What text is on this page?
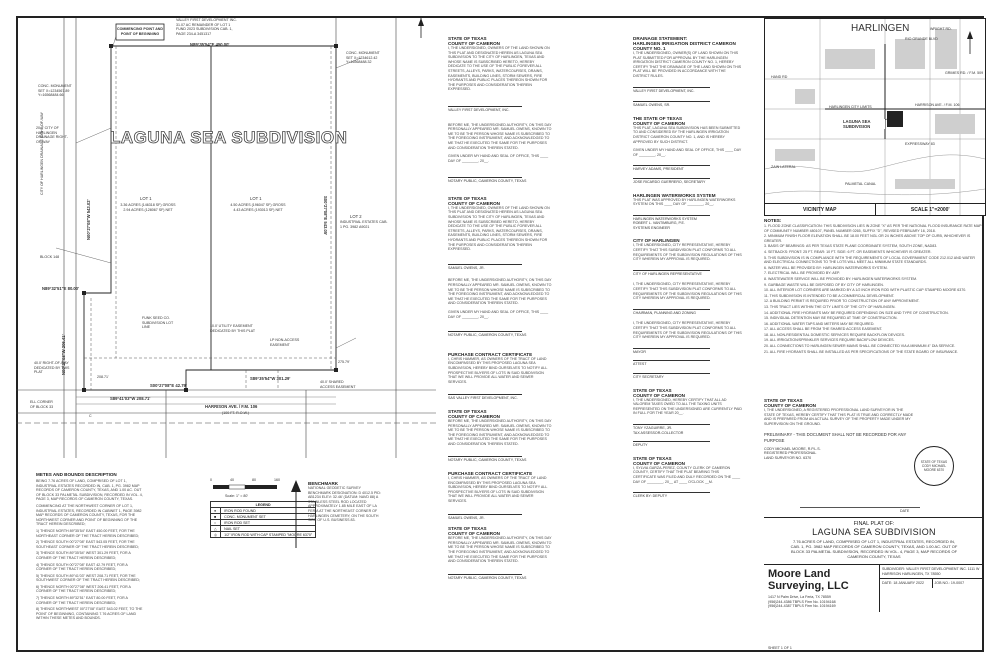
COMMENCING POINT AND POINT OF BEGINNING
VALLEY FIRST DEVELOPMENT INC. 31.07 AC REMAINDER OF LOT 1 FUND 2023 SUBDIVISION CAB. 1, PAGE 234-A 3451317
N89°35'54"E 450.00'
N00°27'08"W 543.02'	S00°27'08"E 543.05'
N89°32'51"E 80.00'
N00°27'08"W 206.41'
S00°27'08"E 42.79'
S89°35'54"W 301.29'
S89°41'03"W 208.71'
HARRISON AVE. / F.M. 106
(100 FT. R.O.W.)
C
LAGUNA SEA SUBDIVISION
LOT 1
3.36 ACRES (146318 SF) GROSS 2.94 ACRES (128067 SF) NET
LOT 1
4.50 ACRES (196047 SF) GROSS 4.43 ACRES (193013 SF) NET
LOT 2
INDUSTRIAL ESTATES CAB. 1 PG. 3982 A9021
BLOCK 148
20.0' CITY OF HARLINGEN DRAINAGE RIGHT-OF-WAY
CITY OF HARLINGEN DRAINAGE RIGHT-OF-WAY
10.0' UTILITY EASEMENT DEDICATED BY THIS PLAT
40.0' RIGHT-OF-WAY DEDICATED BY THIS PLAT
LP NON-ACCESS EASEMENT
40.0' SHARED ACCESS EASEMENT
ELL CORNER OF BLOCK 33
FUNK SEED CO. SUBDIVISION LOT LINE
CONC. MONUMENT SET X=1234567.89 Y=16568484.66
CONC. MONUMENT SET X=1234612.42 Y=16568488.32
208.71'
275.79'
METES AND BOUNDS DESCRIPTION
BEING 7.76 ACRES OF LAND, COMPRISED OF LOT 1, INDUSTRIAL ESTATES RECORDED IN, CAB. 1, PG. 3982 MAP RECORDS OF CAMERON COUNTY, TEXAS, AND 1.00 AC. OUT OF BLOCK 33 PALMETAL SUBDIVISION, RECORDED IN VOL. 4, PAGE 3, MAP RECORDS OF CAMERON COUNTY, TEXAS.
COMMENCING AT THE NORTHWEST CORNER OF LOT 1, INDUSTRIAL ESTATES, RECORDED IN CABINET 1, PAGE 3982 MAP RECORDS OF CAMERON COUNTY, TEXAS, FOR THE NORTHWEST CORNER AND POINT OF BEGINNING OF THE TRACT HEREIN DESCRIBED;
1) THENCE NORTH 89°35'54" EAST 450.00 FEET, FOR THE NORTHEAST CORNER OF THE TRACT HEREIN DESCRIBED;
2) THENCE SOUTH 00°27'08" EAST 543.05 FEET, FOR THE SOUTHEAST CORNER OF THE TRACT HEREIN DESCRIBED;
3) THENCE SOUTH 89°35'54" WEST 301.29 FEET, FOR A CORNER OF THE TRACT HEREIN DESCRIBED;
4) THENCE SOUTH 00°27'08" EAST 42.79 FEET, FOR A CORNER OF THE TRACT HEREIN DESCRIBED;
5) THENCE SOUTH 89°41'03" WEST 208.71 FEET, FOR THE SOUTHWEST CORNER OF THE TRACT HEREIN DESCRIBED;
6) THENCE NORTH 00°27'08" WEST 206.41 FEET, FOR A CORNER OF THE TRACT HEREIN DESCRIBED;
7) THENCE NORTH 89°32'51" EAST 80.00 FEET, FOR A CORNER OF THE TRACT HEREIN DESCRIBED;
8) THENCE NORTHWEST 00°27'08" EAST 543.02 FEET, TO THE POINT OF BEGINNING, CONTAINING 7.76 ACRES OF LAND WITHIN THESE METES AND BOUNDS.
0	40	80	160
Scale: 1" = 80'
LEGEND	
●	IRON ROD FOUND
■	CONC. MONUMENT SET
○	IRON ROD SET
△	NAIL SET
◎	1/2" IRON ROD WITH CAP STAMPED "MOORE 6370"
BENCHMARK
NATIONAL GEODETIC SURVEY BENCHMARK DESIGNATION: D 4012.5 PID: AB1234 ELEV: 32.46' (DATUM: NAVD 88) A STAINLESS STEEL ROD LOCATED APPROXIMATELY 1.85 MILE EAST OF LA FERIA AT THE NORTHEAST CORNER OF HARLINGEN CEMETERY, ON THE SOUTH SIDE OF U.S. BUSINESS 83.
STATE OF TEXAS
COUNTY OF CAMERON
I, THE UNDERSIGNED, OWNERS OF THE LAND SHOWN ON THIS PLAT AND DESIGNATED HEREIN AS LAGUNA SEA SUBDIVISION TO THE CITY OF HARLINGEN, TEXAS AND WHOSE NAME IS SUBSCRIBED HERETO, HEREBY DEDICATE TO THE USE OF THE PUBLIC FOREVER ALL STREETS, ALLEYS, PARKS, WATERCOURSES, DRAINS, EASEMENTS, BUILDING LINES, STORM SEWERS, FIRE HYDRANTS AND PUBLIC PLACES THEREON SHOWN FOR THE PURPOSES AND CONSIDERATION THEREIN EXPRESSED.
VALLEY FIRST DEVELOPMENT, INC.
BEFORE ME, THE UNDERSIGNED AUTHORITY, ON THIS DAY PERSONALLY APPEARED MR. SAMUEL OWENS, KNOWN TO ME TO BE THE PERSON WHOSE NAME IS SUBSCRIBED TO THE FOREGOING INSTRUMENT, AND ACKNOWLEDGED TO ME THAT HE EXECUTED THE SAME FOR THE PURPOSES AND CONSIDERATION THEREIN STATED.
GIVEN UNDER MY HAND AND SEAL OF OFFICE, THIS ____ DAY OF ________, 20__.
NOTARY PUBLIC, CAMERON COUNTY, TEXAS
STATE OF TEXAS
COUNTY OF CAMERON
I, THE UNDERSIGNED, OWNERS OF THE LAND SHOWN ON THIS PLAT AND DESIGNATED HEREIN AS LAGUNA SEA SUBDIVISION TO THE CITY OF HARLINGEN, TEXAS AND WHOSE NAME IS SUBSCRIBED HERETO, HEREBY DEDICATE TO THE USE OF THE PUBLIC FOREVER ALL STREETS, ALLEYS, PARKS, WATERCOURSES, DRAINS, EASEMENTS, BUILDING LINES, STORM SEWERS, FIRE HYDRANTS AND PUBLIC PLACES THEREON SHOWN FOR THE PURPOSES AND CONSIDERATION THEREIN EXPRESSED.
SAMUEL OWENS, JR.
BEFORE ME, THE UNDERSIGNED AUTHORITY, ON THIS DAY PERSONALLY APPEARED MR. SAMUEL OWENS, KNOWN TO ME TO BE THE PERSON WHOSE NAME IS SUBSCRIBED TO THE FOREGOING INSTRUMENT, AND ACKNOWLEDGED TO ME THAT HE EXECUTED THE SAME FOR THE PURPOSES AND CONSIDERATION THEREIN STATED.
GIVEN UNDER MY HAND AND SEAL OF OFFICE, THIS ____ DAY OF ________, 20__.
NOTARY PUBLIC, CAMERON COUNTY, TEXAS
PURCHASE CONTRACT CERTIFICATE
I, CHRIS HAMMER, AS OWNERS OF THE TRACT OF LAND ENCOMPASSED BY THIS PROPOSED LAGUNA SEA SUBDIVISION, HEREBY BIND OURSELVES TO NOTIFY ALL PROSPECTIVE BUYERS OF LOTS IN SAID SUBDIVISION THAT WE WILL PROVIDE ALL WATER AND SEWER SERVICES.
SAS VALLEY FIRST DEVELOPMENT, INC.
STATE OF TEXAS
COUNTY OF CAMERON
BEFORE ME, THE UNDERSIGNED AUTHORITY, ON THIS DAY PERSONALLY APPEARED MR. SAMUEL OWENS, KNOWN TO ME TO BE THE PERSON WHOSE NAME IS SUBSCRIBED TO THE FOREGOING INSTRUMENT, AND ACKNOWLEDGED TO ME THAT HE EXECUTED THE SAME FOR THE PURPOSES AND CONSIDERATION THEREIN STATED.
NOTARY PUBLIC, CAMERON COUNTY, TEXAS
PURCHASE CONTRACT CERTIFICATE
I, CHRIS HAMMER, AS OWNERS OF THE TRACT OF LAND ENCOMPASSED BY THIS PROPOSED LAGUNA SEA SUBDIVISION, HEREBY BIND OURSELVES TO NOTIFY ALL PROSPECTIVE BUYERS OF LOTS IN SAID SUBDIVISION THAT WE WILL PROVIDE ALL WATER AND SEWER SERVICES.
SAMUEL OWENS, JR.
STATE OF TEXAS
COUNTY OF CAMERON
BEFORE ME, THE UNDERSIGNED AUTHORITY, ON THIS DAY PERSONALLY APPEARED MR. SAMUEL OWENS, KNOWN TO ME TO BE THE PERSON WHOSE NAME IS SUBSCRIBED TO THE FOREGOING INSTRUMENT, AND ACKNOWLEDGED TO ME THAT HE EXECUTED THE SAME FOR THE PURPOSES AND CONSIDERATION THEREIN STATED.
NOTARY PUBLIC, CAMERON COUNTY, TEXAS
DRAINAGE STATEMENT:
HARLINGEN IRRIGATION DISTRICT CAMERON COUNTY NO. 1
I, THE UNDERSIGNED, OWNER(S) OF LAND SHOWN ON THIS PLAT SUBMITTED FOR APPROVAL BY THE HARLINGEN IRRIGATION DISTRICT CAMERON COUNTY NO. 1, HEREBY CERTIFY THAT THE DRAINAGE OF THE LAND SHOWN ON THIS PLAT WILL BE PROVIDED IN ACCORDANCE WITH THE DISTRICT RULES.
VALLEY FIRST DEVELOPMENT, INC.
SAMUEL OWENS, SR.
THE STATE OF TEXAS
COUNTY OF CAMERON
THIS PLAT, LAGUNA SEA SUBDIVISION HAS BEEN SUBMITTED TO AND CONSIDERED BY THE HARLINGEN IRRIGATION DISTRICT CAMERON COUNTY NO. 1, AND IS HEREBY APPROVED BY SUCH DISTRICT.
GIVEN UNDER MY HAND AND SEAL OF OFFICE, THIS ____ DAY OF ________, 20__.
HARVEY ADAMS, PRESIDENT
JOSE RICARDO GUERRERO, SECRETARY
HARLINGEN WATERWORKS SYSTEM
THIS PLAT WAS APPROVED BY HARLINGEN WATERWORKS SYSTEM ON THIS ____ DAY OF ________, 20__.
HARLINGEN WATERWORKS SYSTEM
ROBERT L. VANTIMBURG, P.E.
SYSTEMS ENGINEER
CITY OF HARLINGEN
I, THE UNDERSIGNED, CITY REPRESENTATIVE, HEREBY CERTIFY THAT THIS SUBDIVISION PLAT CONFORMS TO ALL REQUIREMENTS OF THE SUBDIVISION REGULATIONS OF THIS CITY WHEREIN MY APPROVAL IS REQUIRED.
CITY OF HARLINGEN REPRESENTATIVE
I, THE UNDERSIGNED, CITY REPRESENTATIVE, HEREBY CERTIFY THAT THIS SUBDIVISION PLAT CONFORMS TO ALL REQUIREMENTS OF THE SUBDIVISION REGULATIONS OF THIS CITY WHEREIN MY APPROVAL IS REQUIRED.
CHAIRMAN, PLANNING AND ZONING
I, THE UNDERSIGNED, CITY REPRESENTATIVE, HEREBY CERTIFY THAT THIS SUBDIVISION PLAT CONFORMS TO ALL REQUIREMENTS OF THE SUBDIVISION REGULATIONS OF THIS CITY WHEREIN MY APPROVAL IS REQUIRED.
MAYOR
ATTEST
CITY SECRETARY
STATE OF TEXAS
COUNTY OF CAMERON
I, THE UNDERSIGNED, HEREBY CERTIFY THAT ALL AD VALOREM TAXES OWED TO ALL THE TAXING UNITS REPRESENTED ON THE UNDERSIGNED ARE CURRENTLY PAID IN FULL FOR THE YEAR 20__.
TONY YZAGUIRRE, JR.
TAX ASSESSOR-COLLECTOR
DEPUTY
STATE OF TEXAS
COUNTY OF CAMERON
I, SYLVIA GARZA-PEREZ, COUNTY CLERK OF CAMERON COUNTY, CERTIFY THAT THE PLAT BEARING THIS CERTIFICATE WAS FILED AND DULY RECORDED ON THE ____ DAY OF ________, 20__ AT ____ O'CLOCK __M.
CLERK BY: DEPUTY
HARLINGEN
LAGUNA SEA SUBDIVISION
HARLINGEN CITY LIMITS
RIO GRANDE BLVD
WRIGHT RD.
HARRISON AVE. / F.M. 106
EXPRESSWAY 83
ZAIN LATERAL
GRIMES RD. / F.M. 509
HAND RD
PALMETAL CANAL
VICINITY MAP	SCALE 1"=2000'
NOTES:
1. FLOOD ZONE CLASSIFICATION: THIS SUBDIVISION LIES IN ZONE "X" AS PER THE NATIONAL FLOOD INSURANCE RATE MAP OF COMMUNITY NUMBER 480107, PANEL NUMBER 0265, SUFFIX "D", REVISED FEBRUARY 16, 2018.
2. MINIMUM FINISH FLOOR ELEVATION SHALL BE 18.00 FEET NGL OR 24 INCHES ABOVE TOP OF CURB, WHICHEVER IS GREATER.
3. BASIS OF BEARINGS: AS PER TEXAS STATE PLANE COORDINATE SYSTEM, SOUTH ZONE, NAD83.
4. SETBACKS: FRONT: 25 FT. REAR: 10 FT. SIDE: 6 FT. OR EASEMENTS WHICHEVER IS GREATER.
5. THIS SUBDIVISION IS IN COMPLIANCE WITH THE REQUIREMENTS OF LOCAL GOVERNMENT CODE 212.012 AND WATER AND ELECTRICAL CONNECTIONS TO THE LOTS WILL MEET ALL MINIMUM STATE STANDARDS.
6. WATER WILL BE PROVIDED BY: HARLINGEN WATERWORKS SYSTEM.
7. ELECTRICAL WILL BE PROVIDED BY: AEP.
8. WASTEWATER SERVICE WILL BE PROVIDED BY: HARLINGEN WATERWORKS SYSTEM.
9. GARBAGE WASTE WILL BE DISPOSED OF BY CITY OF HARLINGEN.
10. ALL INTERIOR LOT CORNERS ARE MARKED BY A 1/2 INCH IRON ROD WITH PLASTIC CAP STAMPED MOORE 6370.
11. THIS SUBDIVISION IS INTENDED TO BE A COMMERCIAL DEVELOPMENT.
12. A BUILDING PERMIT IS REQUIRED PRIOR TO CONSTRUCTION OF ANY IMPROVEMENT.
13. THIS TRACT LIES WITHIN THE CITY LIMITS OF THE CITY OF HARLINGEN.
14. ADDITIONAL FIRE HYDRANTS MAY BE REQUIRED DEPENDING ON SIZE AND TYPE OF CONSTRUCTION.
15. INDIVIDUAL DETENTION MAY BE REQUIRED AT TIME OF CONSTRUCTION.
16. ADDITIONAL WATER TAPS AND METERS MAY BE REQUIRED.
17. ALL ACCESS SHALL BE FROM THE SHARED ACCESS EASEMENT.
18. ALL NON-RESIDENTIAL DOMESTIC SERVICES REQUIRE BACKFLOW DEVICES.
19. ALL IRRIGATION/SPRINKLER SERVICES REQUIRE BACKFLOW DEVICES.
20. ALL CONNECTIONS TO HARLINGEN SEWER MAINS SHALL BE CONNECTED VIA A MINIMUM 4" DIA SERVICE.
21. ALL FIRE HYDRANTS SHALL BE INSTALLED AS PER SPECIFICATIONS OF THE STATE BOARD OF INSURANCE.
STATE OF TEXAS
COUNTY OF CAMERON
I, THE UNDERSIGNED, A REGISTERED PROFESSIONAL LAND SURVEYOR IN THE STATE OF TEXAS, HEREBY CERTIFY THAT THIS PLAT IS TRUE AND CORRECTLY MADE AND IS PREPARED FROM AN ACTUAL SURVEY OF THE PROPERTY MADE UNDER MY SUPERVISION ON THE GROUND.
PRELIMINARY - THIS DOCUMENT SHALL NOT BE RECORDED FOR ANY PURPOSE
CODY MICHAEL MOORE, R.P.L.S.
REGISTERED PROFESSIONAL
LAND SURVEYOR NO. 6370
STATE OF TEXAS CODY MICHAEL MOORE 6370
DATE
FINAL PLAT OF:
LAGUNA SEA SUBDIVISION
7.76 ACRES OF LAND, COMPRISED OF LOT 1, INDUSTRIAL ESTATES, RECORDED IN, CAB. 1, PG. 3982 MAP RECORDS OF CAMERON COUNTY, TEXAS, AND 1.00 AC. OUT OF BLOCK 33 PALMETAL SUBDIVISION, RECORDED IN VOL. 4, PAGE 3, MAP RECORDS OF CAMERON COUNTY, TEXAS
Moore Land
Surveying, LLC
1417 N Palm Drive, La Feria, TX 78559
(956)244-4386 TBPLS Firm No. 10194168
(956)244-4387 TBPLS Firm No. 10194169
SUBDIVIDER: VALLEY FIRST DEVELOPMENT INC. 1111 W HARRISON HARLINGEN, TX 78550
DATE: 18 JANUARY 2022	JOB NO.: 19-0007
SHEET 1 OF 1
